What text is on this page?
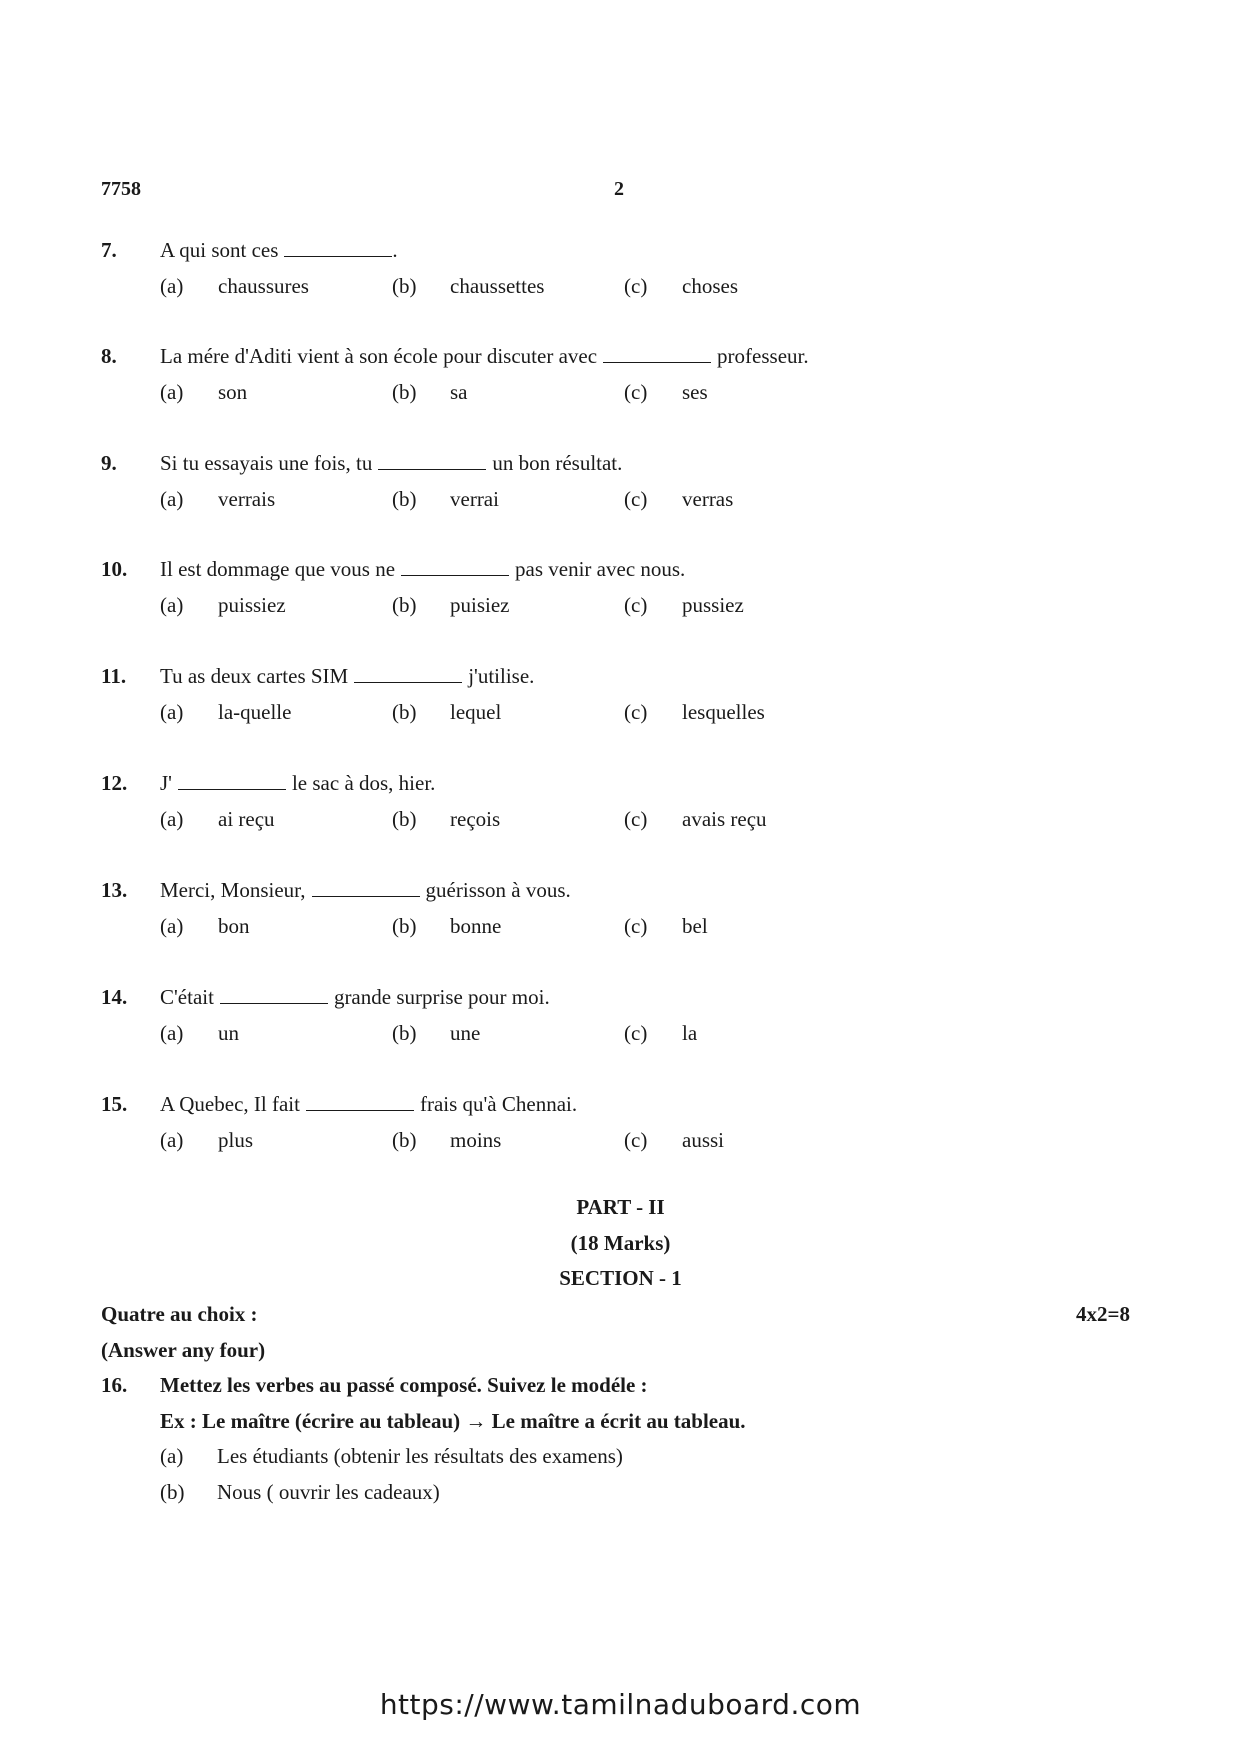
7758	2
7. A qui sont ces	.
(a) chaussures	(b) chaussettes	(c) choses
8. La mére d'Aditi vient à son école pour discuter avec	professeur.
(a) son	(b) sa	(c) ses
9. Si tu essayais une fois, tu	un bon résultat.
(a) verrais	(b) verrai	(c) verras
10. Il est dommage que vous ne	pas venir avec nous.
(a) puissiez	(b) puisiez	(c) pussiez
11. Tu as deux cartes SIM	j'utilise.
(a) la-quelle	(b) lequel	(c) lesquelles
12. J'	le sac à dos, hier.
(a) ai reçu	(b) reçois	(c) avais reçu
13. Merci, Monsieur,	guérisson à vous.
(a) bon	(b) bonne	(c) bel
14. C'était	grande surprise pour moi.
(a) un	(b) une	(c) la
15. A Quebec, Il fait	frais qu'à Chennai.
(a) plus	(b) moins	(c) aussi
PART - II
(18 Marks)
SECTION - 1
Quatre au choix :	4x2=8
(Answer any four)
16. Mettez les verbes au passé composé. Suivez le modéle :
Ex : Le maître (écrire au tableau) → Le maître a écrit au tableau.
(a) Les étudiants (obtenir les résultats des examens)
(b) Nous ( ouvrir les cadeaux)
https://www.tamilnaduboard.com
